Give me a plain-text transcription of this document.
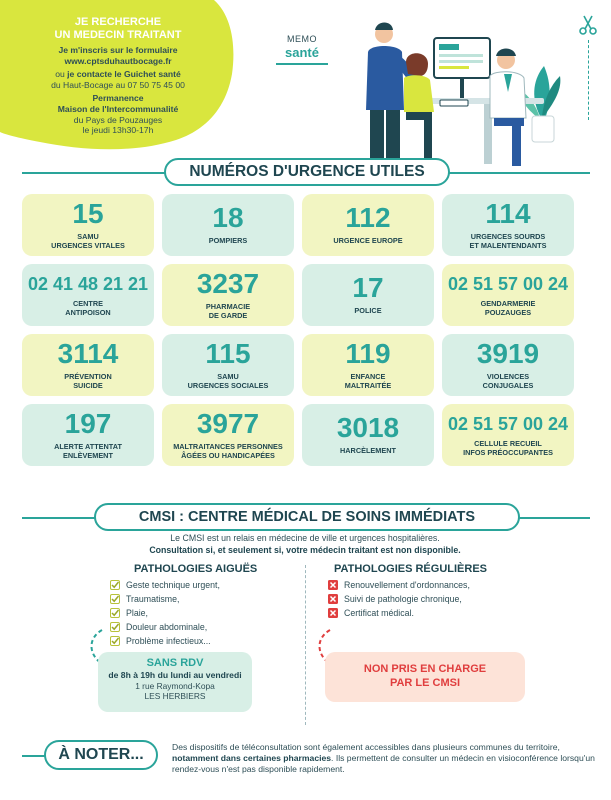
JE RECHERCHE
UN MEDECIN TRAITANT
Je m'inscris sur le formulaire
www.cptsduhautbocage.fr
ou je contacte le Guichet santé
du Haut-Bocage au 07 50 75 45 00
Permanence
Maison de l'Intercommunalité
du Pays de Pouzauges
le jeudi 13h30-17h
MEMO
santé
NUMÉROS D'URGENCE UTILES
15
SAMU
URGENCES VITALES
18
POMPIERS
112
URGENCE EUROPE
114
URGENCES SOURDS
ET MALENTENDANTS
02 41 48 21 21
CENTRE
ANTIPOISON
3237
PHARMACIE
DE GARDE
17
POLICE
02 51 57 00 24
GENDARMERIE
POUZAUGES
3114
PRÉVENTION
SUICIDE
115
SAMU
URGENCES SOCIALES
119
ENFANCE
MALTRAITÉE
3919
VIOLENCES
CONJUGALES
197
ALERTE ATTENTAT
ENLÈVEMENT
3977
MALTRAITANCES PERSONNES
ÂGÉES OU HANDICAPÉES
3018
HARCÈLEMENT
02 51 57 00 24
CELLULE RECUEIL
INFOS PRÉOCCUPANTES
CMSI : CENTRE MÉDICAL DE SOINS IMMÉDIATS
Le CMSI est un relais en médecine de ville et urgences hospitalières.
Consultation si, et seulement si, votre médecin traitant est non disponible.
PATHOLOGIES AIGUËS	PATHOLOGIES RÉGULIÈRES
Geste technique urgent,
Traumatisme,
Plaie,
Douleur abdominale,
Problème infectieux...
Renouvellement d'ordonnances,
Suivi de pathologie chronique,
Certificat médical.
SANS RDV
de 8h à 19h du lundi au vendredi
1 rue Raymond-Kopa
LES HERBIERS
NON PRIS EN CHARGE
PAR LE CMSI
À NOTER...	Des dispositifs de téléconsultation sont également accessibles dans plusieurs communes du territoire, notamment dans certaines pharmacies. Ils permettent de consulter un médecin en visioconférence lorsqu'un rendez-vous n'est pas disponible rapidement.
